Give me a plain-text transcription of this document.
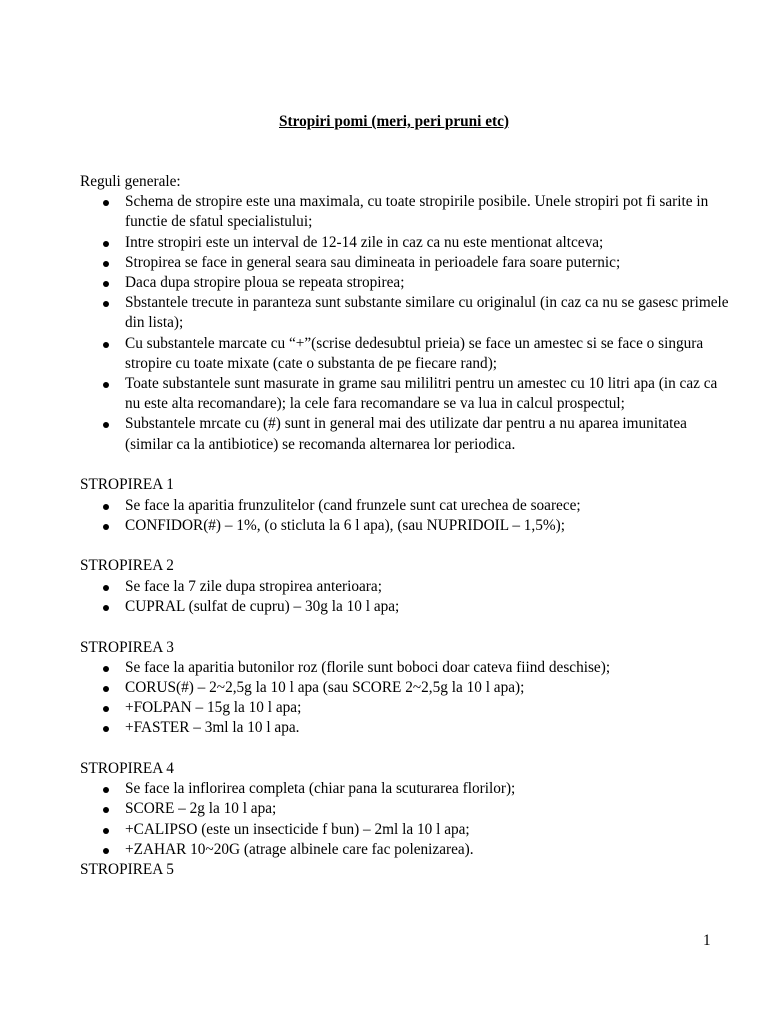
Stropiri pomi (meri, peri pruni etc)
Reguli generale:
Schema de stropire este una maximala, cu toate stropirile posibile. Unele stropiri pot fi sarite in functie de sfatul specialistului;
Intre stropiri este un interval de 12-14 zile in caz ca nu este mentionat altceva;
Stropirea se face in general seara sau dimineata in perioadele fara soare puternic;
Daca dupa stropire ploua se repeata stropirea;
Sbstantele trecute in paranteza sunt substante similare cu originalul (in caz ca nu se gasesc primele din lista);
Cu substantele marcate cu “+”(scrise dedesubtul prieia) se face un amestec si se face o singura stropire cu toate mixate (cate o substanta de pe fiecare rand);
Toate substantele sunt masurate in grame sau mililitri pentru un amestec cu 10 litri apa (in caz ca nu este alta recomandare); la cele fara recomandare se va lua in calcul prospectul;
Substantele mrcate cu (#) sunt in general mai des utilizate dar pentru a nu aparea imunitatea (similar ca la antibiotice) se recomanda alternarea lor periodica.
STROPIREA 1
Se face la aparitia frunzulitelor (cand frunzele sunt cat urechea de soarece;
CONFIDOR(#) – 1%, (o sticluta la 6 l apa), (sau NUPRIDOIL – 1,5%);
STROPIREA 2
Se face la 7 zile dupa stropirea anterioara;
CUPRAL (sulfat de cupru) – 30g la 10 l apa;
STROPIREA 3
Se face la aparitia butonilor roz (florile sunt boboci doar cateva fiind deschise);
CORUS(#) – 2~2,5g la 10 l apa (sau SCORE 2~2,5g la 10 l apa);
+FOLPAN – 15g la 10 l apa;
+FASTER – 3ml la 10 l apa.
STROPIREA 4
Se face la inflorirea completa (chiar pana la scuturarea florilor);
SCORE – 2g la 10 l apa;
+CALIPSO (este un insecticide f bun) – 2ml la 10 l apa;
+ZAHAR 10~20G (atrage albinele care fac polenizarea).
STROPIREA 5
1
